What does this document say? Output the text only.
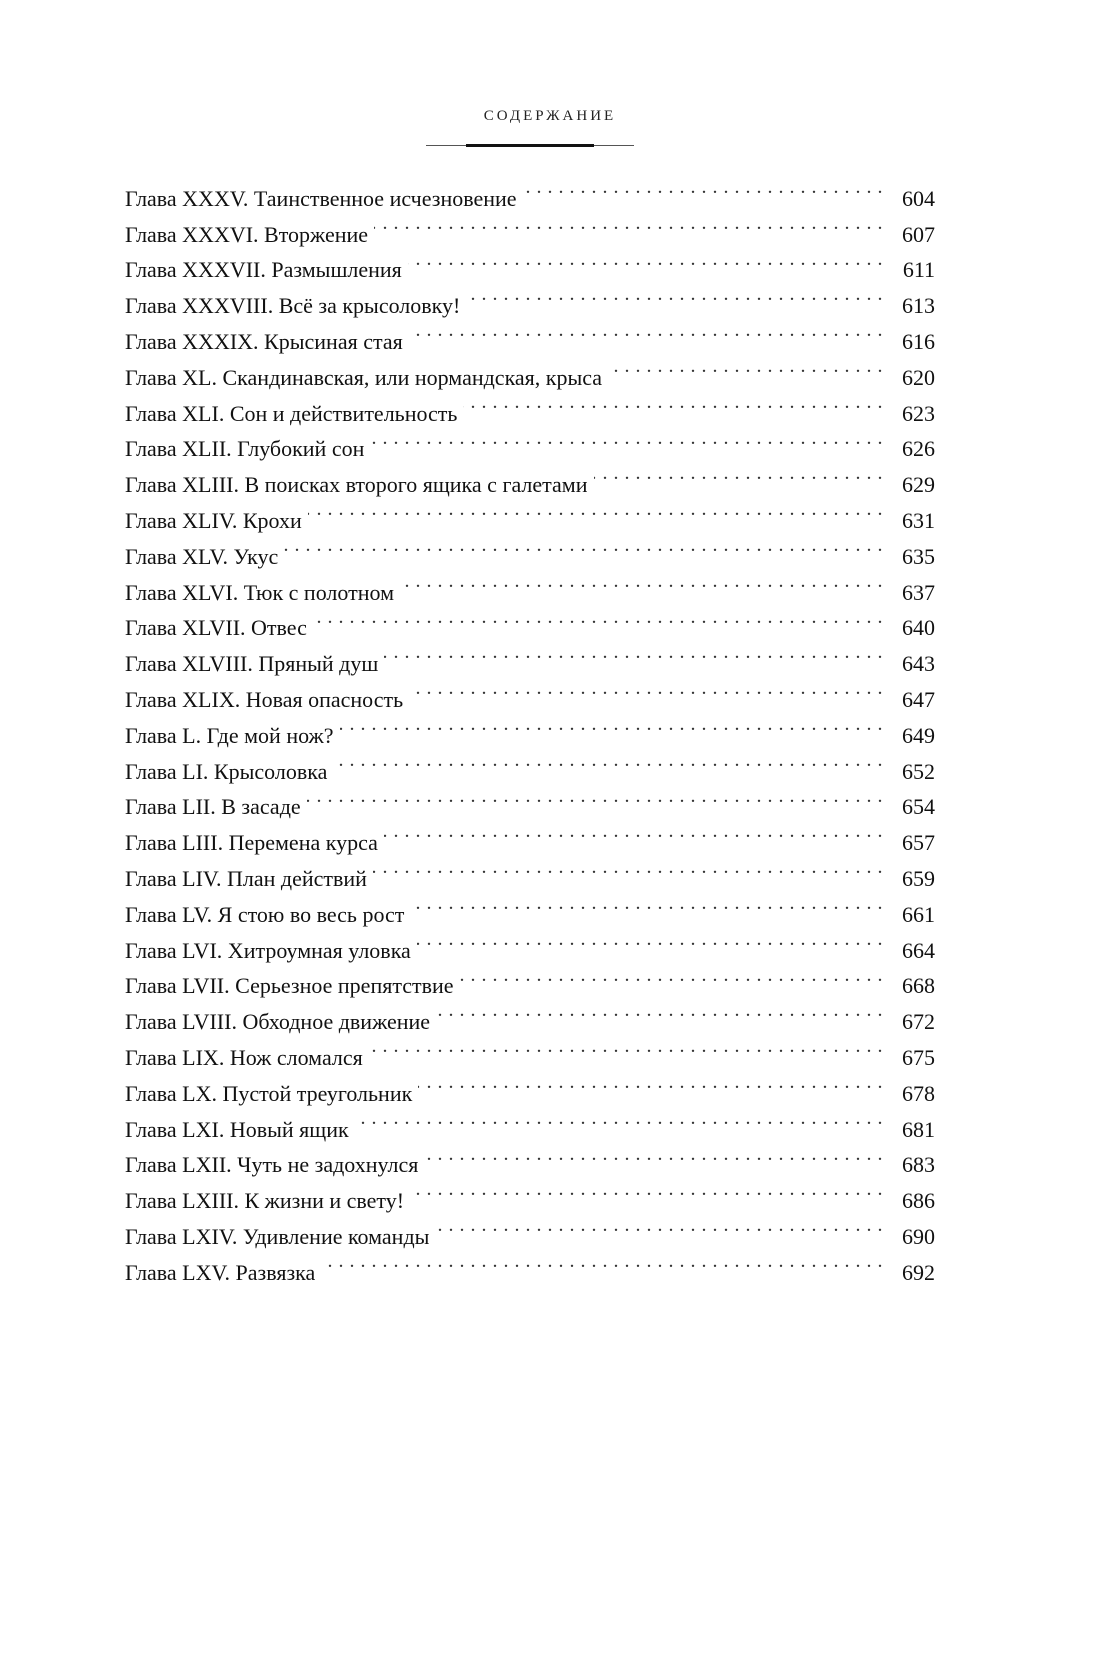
СОДЕРЖАНИЕ
Глава XXXV. Таинственное исчезновение . . .	604
Глава XXXVI. Вторжение . . .	607
Глава XXXVII. Размышления . . .	611
Глава XXXVIII. Всё за крысоловку! . . .	613
Глава XXXIX. Крысиная стая . . .	616
Глава XL. Скандинавская, или нормандская, крыса . . .	620
Глава XLI. Сон и действительность . . .	623
Глава XLII. Глубокий сон . . .	626
Глава XLIII. В поисках второго ящика с галетами . . .	629
Глава XLIV. Крохи . . .	631
Глава XLV. Укус . . .	635
Глава XLVI. Тюк с полотном . . .	637
Глава XLVII. Отвес . . .	640
Глава XLVIII. Пряный душ . . .	643
Глава XLIX. Новая опасность . . .	647
Глава L. Где мой нож? . . .	649
Глава LI. Крысоловка . . .	652
Глава LII. В засаде . . .	654
Глава LIII. Перемена курса . . .	657
Глава LIV. План действий . . .	659
Глава LV. Я стою во весь рост . . .	661
Глава LVI. Хитроумная уловка . . .	664
Глава LVII. Серьезное препятствие . . .	668
Глава LVIII. Обходное движение . . .	672
Глава LIX. Нож сломался . . .	675
Глава LX. Пустой треугольник . . .	678
Глава LXI. Новый ящик . . .	681
Глава LXII. Чуть не задохнулся . . .	683
Глава LXIII. К жизни и свету! . . .	686
Глава LXIV. Удивление команды . . .	690
Глава LXV. Развязка . . .	692
